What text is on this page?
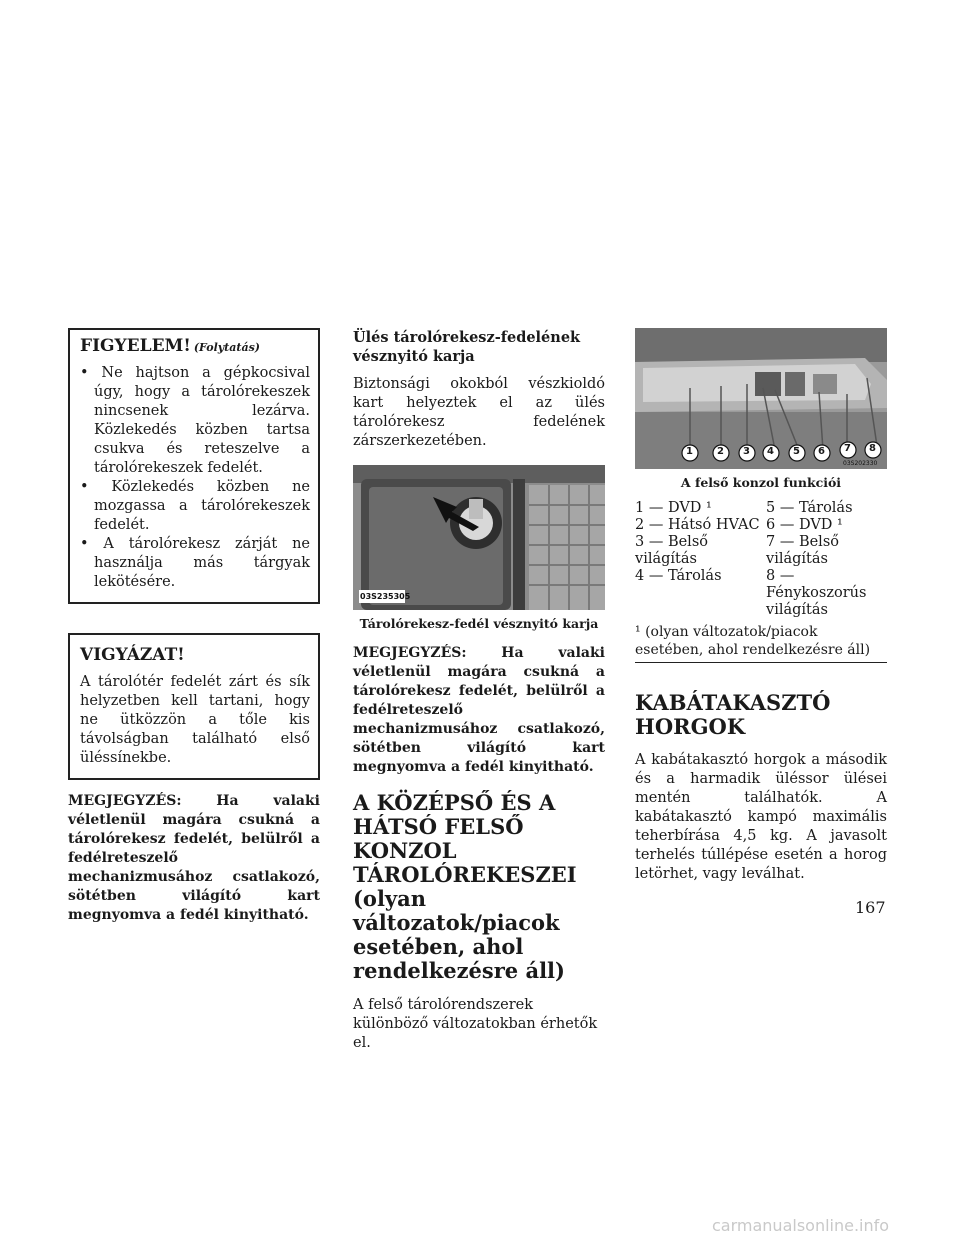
FIGYELEM! (Folytatás)

• Ne hajtson a gépkocsival úgy, hogy a tárolórekeszek nincsenek lezárva. Közlekedés közben tartsa csukva és reteszelve a tárolórekeszek fedelét.
• Közlekedés közben ne mozgassa a tárolórekeszek fedelét.
• A tárolórekesz zárját ne használja más tárgyak lekötésére.

VIGYÁZAT!

A tárolótér fedelét zárt és sík helyzetben kell tartani, hogy ne ütközzön a tőle kis távolságban található első üléssínekbe.

MEGJEGYZÉS: Ha valaki véletlenül magára csukná a tárolórekesz fedelét, belülről a fedélreteszelő mechanizmusához csatlakozó, sötétben világító kart megnyomva a fedél kinyitható.

Ülés tárolórekesz-fedelének vésznyitó karja

Biztonsági okokból vészkioldó kart helyeztek el az ülés tárolórekesz fedelének zárszerkezetében.

03S235305

Tárolórekesz-fedél vésznyitó karja

MEGJEGYZÉS: Ha valaki véletlenül magára csukná a tárolórekesz fedelét, belülről a fedélreteszelő mechanizmusához csatlakozó, sötétben világító kart megnyomva a fedél kinyitható.

A KÖZÉPSŐ ÉS A HÁTSÓ FELSŐ KONZOL TÁROLÓREKESZEI (olyan változatok/piacok esetében, ahol rendelkezésre áll)

A felső tárolórendszerek különböző változatokban érhetők el.

1 2 3 4 5 6 7 8
03S202330

A felső konzol funkciói

1 — DVD ¹	5 — Tárolás
2 — Hátsó HVAC 6 — DVD ¹
3 — Belső világítás
7 — Belső világítás
4 — Tárolás	8 — Fénykoszorús világítás

¹ (olyan változatok/piacok esetében, ahol rendelkezésre áll)

KABÁTAKASZTÓ HORGOK

A kabátakasztó horgok a második és a harmadik üléssor ülései mentén találhatók. A kabátakasztó kampó maximális teherbírása 4,5 kg. A javasolt terhelés túllépése esetén a horog letörhet, vagy leválhat.

167
carmanualsonline.info
